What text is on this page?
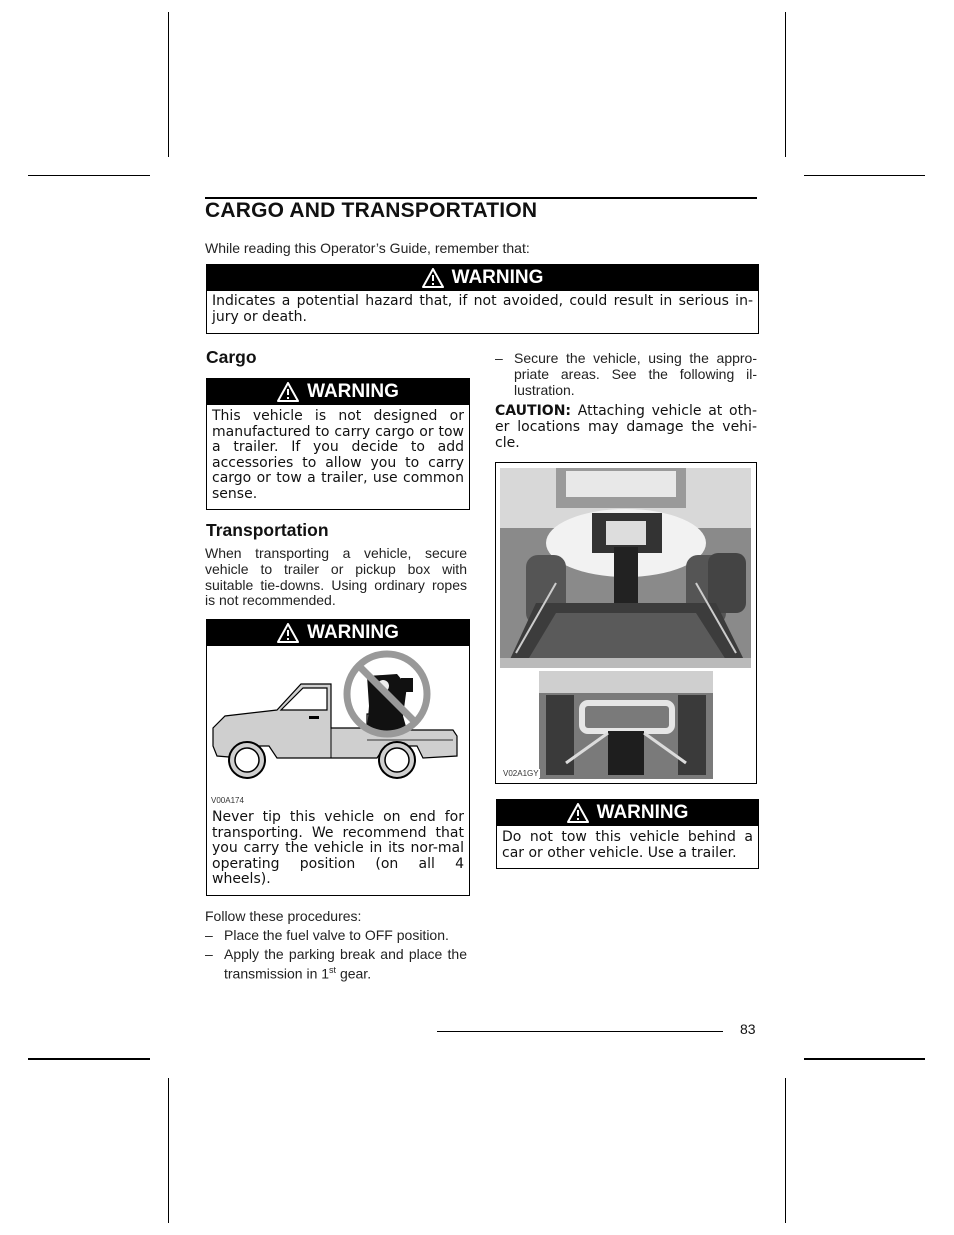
CARGO AND TRANSPORTATION

While reading this Operator’s Guide, remember that:

WARNING
Indicates a potential hazard that, if not avoided, could result in serious in-jury or death.
Cargo
WARNING
This vehicle is not designed or manufactured to carry cargo or tow a trailer. If you decide to add accessories to allow you to carry cargo or tow a trailer, use common sense.
Transportation

When transporting a vehicle, secure vehicle to trailer or pickup box with suitable tie-downs. Using ordinary ropes is not recommended.

WARNING
V00A174
Never tip this vehicle on end for transporting. We recommend that you carry the vehicle in its nor-mal operating position (on all 4 wheels).

Follow these procedures:

– Place the fuel valve to OFF position.
– Apply the parking break and place the transmission in 1st gear.
– Secure the vehicle, using the appro-priate areas. See the following il-lustration.

CAUTION: Attaching vehicle at oth-er locations may damage the vehi-cle.

V02A1GY
WARNING
Do not tow this vehicle behind a car or other vehicle. Use a trailer.

83
